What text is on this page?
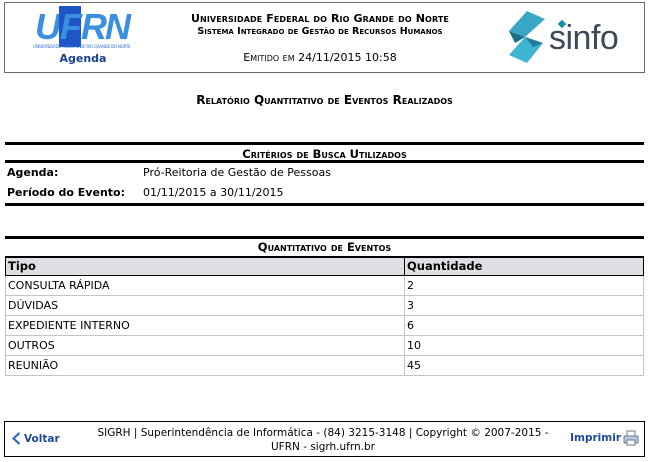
UFRN
UNIVERSIDADE FEDERAL DO RIO GRANDE DO NORTE
Agenda
Universidade Federal do Rio Grande do Norte
Sistema Integrado de Gestão de Recursos Humanos
Emitido em 24/11/2015 10:58
sinfo
Relatório Quantitativo de Eventos Realizados
Critérios de Busca Utilizados
Agenda:	Pró-Reitoria de Gestão de Pessoas
Período do Evento:	01/11/2015 a 30/11/2015
Quantitativo de Eventos
Tipo	Quantidade
CONSULTA RÁPIDA	2
DÚVIDAS	3
EXPEDIENTE INTERNO	6
OUTROS	10
REUNIÃO	45
Voltar	SIGRH | Superintendência de Informática - (84) 3215-3148 | Copyright © 2007-2015 -
UFRN - sigrh.ufrn.br
Imprimir
